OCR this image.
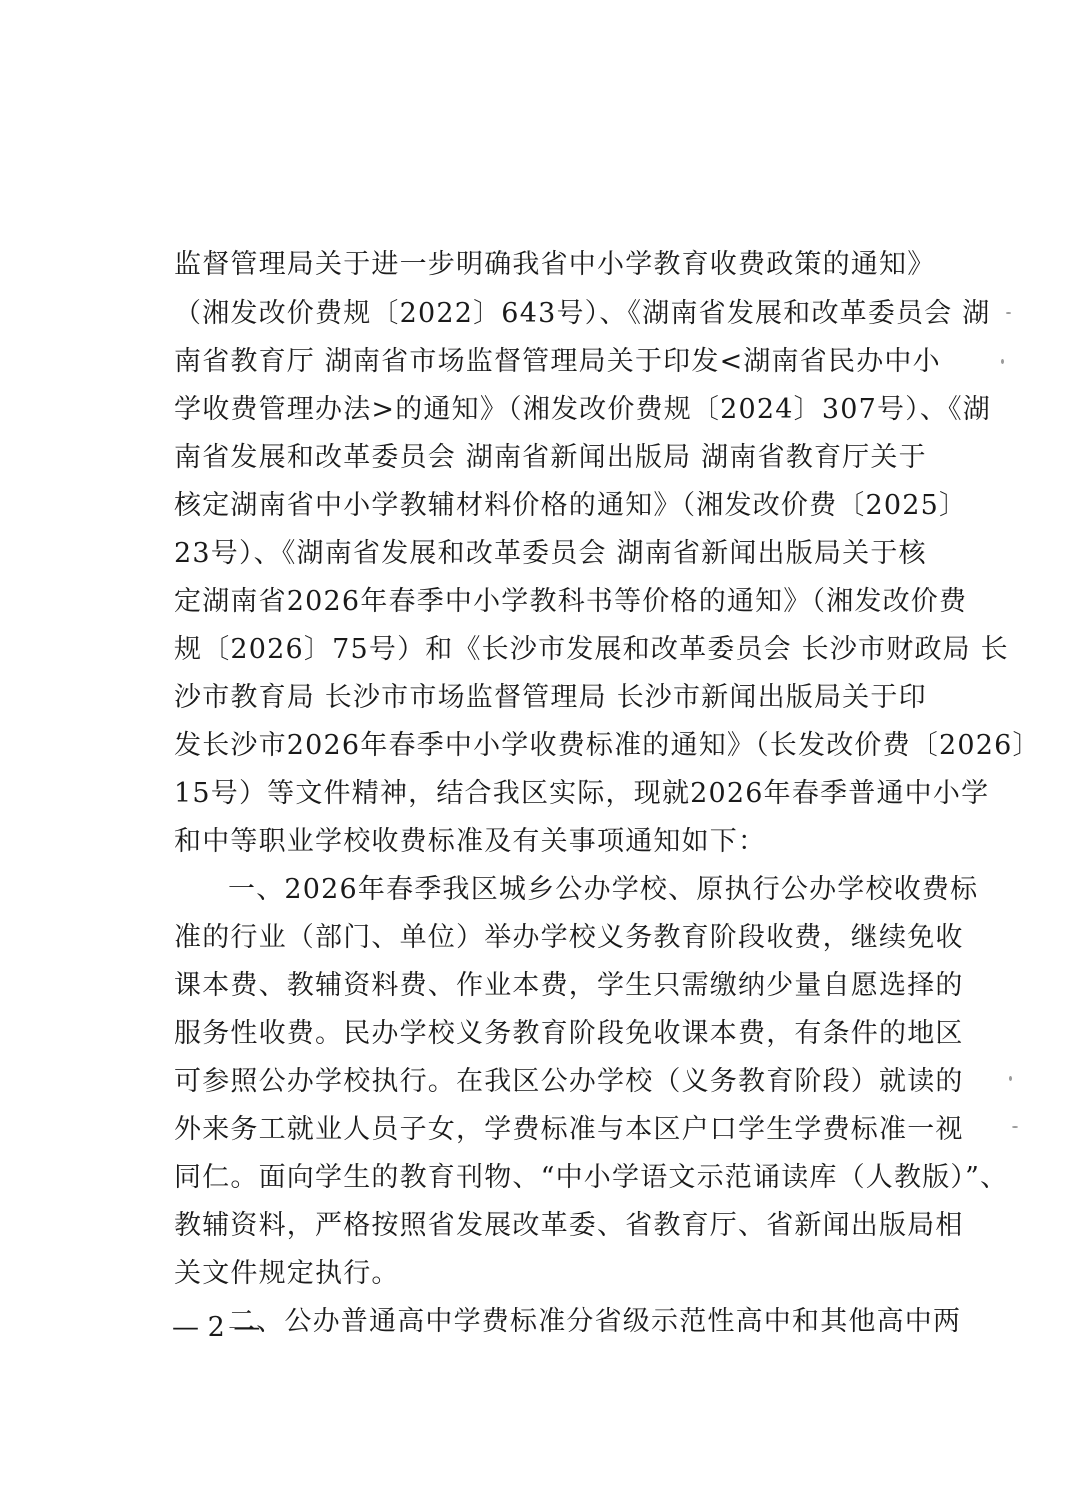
监督管理局关于进一步明确我省中小学教育收费政策的通知》
（湘发改价费规〔2022〕643号）、《湖南省发展和改革委员会 湖
南省教育厅 湖南省市场监督管理局关于印发<湖南省民办中小
学收费管理办法>的通知》（湘发改价费规〔2024〕307号）、《湖
南省发展和改革委员会 湖南省新闻出版局 湖南省教育厅关于
核定湖南省中小学教辅材料价格的通知》（湘发改价费〔2025〕
23号）、《湖南省发展和改革委员会 湖南省新闻出版局关于核
定湖南省2026年春季中小学教科书等价格的通知》（湘发改价费
规〔2026〕75号）和《长沙市发展和改革委员会 长沙市财政局 长
沙市教育局 长沙市市场监督管理局 长沙市新闻出版局关于印
发长沙市2026年春季中小学收费标准的通知》（长发改价费〔2026〕
15号）等文件精神，结合我区实际，现就2026年春季普通中小学
和中等职业学校收费标准及有关事项通知如下：
一、2026年春季我区城乡公办学校、原执行公办学校收费标
准的行业（部门、单位）举办学校义务教育阶段收费，继续免收
课本费、教辅资料费、作业本费，学生只需缴纳少量自愿选择的
服务性收费。民办学校义务教育阶段免收课本费，有条件的地区
可参照公办学校执行。在我区公办学校（义务教育阶段）就读的
外来务工就业人员子女，学费标准与本区户口学生学费标准一视
同仁。面向学生的教育刊物、“中小学语文示范诵读库（人教版）”、
教辅资料，严格按照省发展改革委、省教育厅、省新闻出版局相
关文件规定执行。
二、公办普通高中学费标准分省级示范性高中和其他高中两
— 2 —
